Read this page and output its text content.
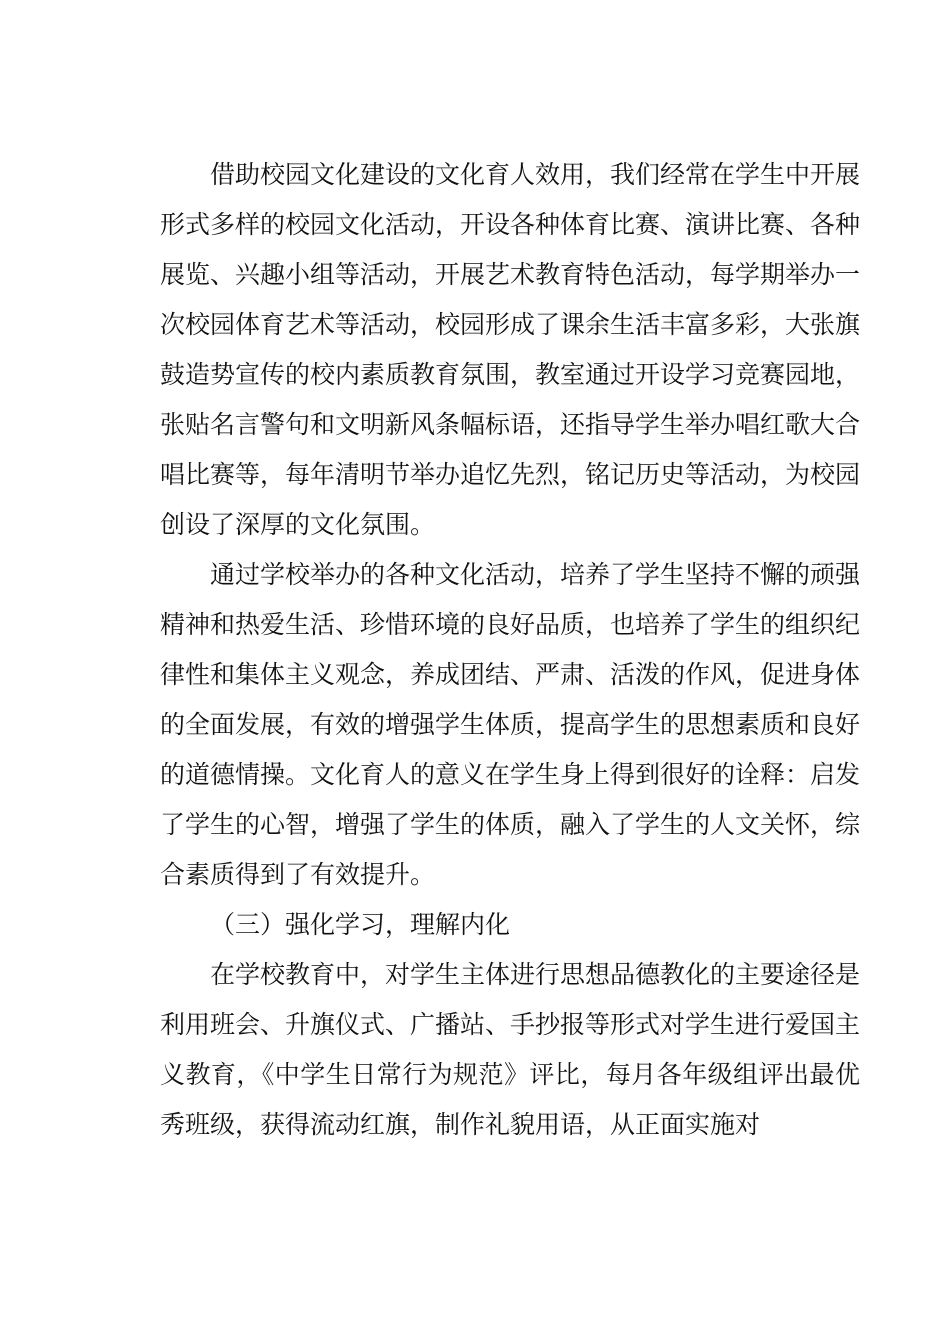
借助校园文化建设的文化育人效用，我们经常在学生中开展形式多样的校园文化活动，开设各种体育比赛、演讲比赛、各种展览、兴趣小组等活动，开展艺术教育特色活动，每学期举办一次校园体育艺术等活动，校园形成了课余生活丰富多彩，大张旗鼓造势宣传的校内素质教育氛围，教室通过开设学习竞赛园地，张贴名言警句和文明新风条幅标语，还指导学生举办唱红歌大合唱比赛等，每年清明节举办追忆先烈，铭记历史等活动，为校园创设了深厚的文化氛围。

通过学校举办的各种文化活动，培养了学生坚持不懈的顽强精神和热爱生活、珍惜环境的良好品质，也培养了学生的组织纪律性和集体主义观念，养成团结、严肃、活泼的作风，促进身体的全面发展，有效的增强学生体质，提高学生的思想素质和良好的道德情操。文化育人的意义在学生身上得到很好的诠释：启发了学生的心智，增强了学生的体质，融入了学生的人文关怀，综合素质得到了有效提升。

（三）强化学习，理解内化

在学校教育中，对学生主体进行思想品德教化的主要途径是利用班会、升旗仪式、广播站、手抄报等形式对学生进行爱国主义教育，《中学生日常行为规范》评比，每月各年级组评出最优秀班级，获得流动红旗，制作礼貌用语，从正面实施对
